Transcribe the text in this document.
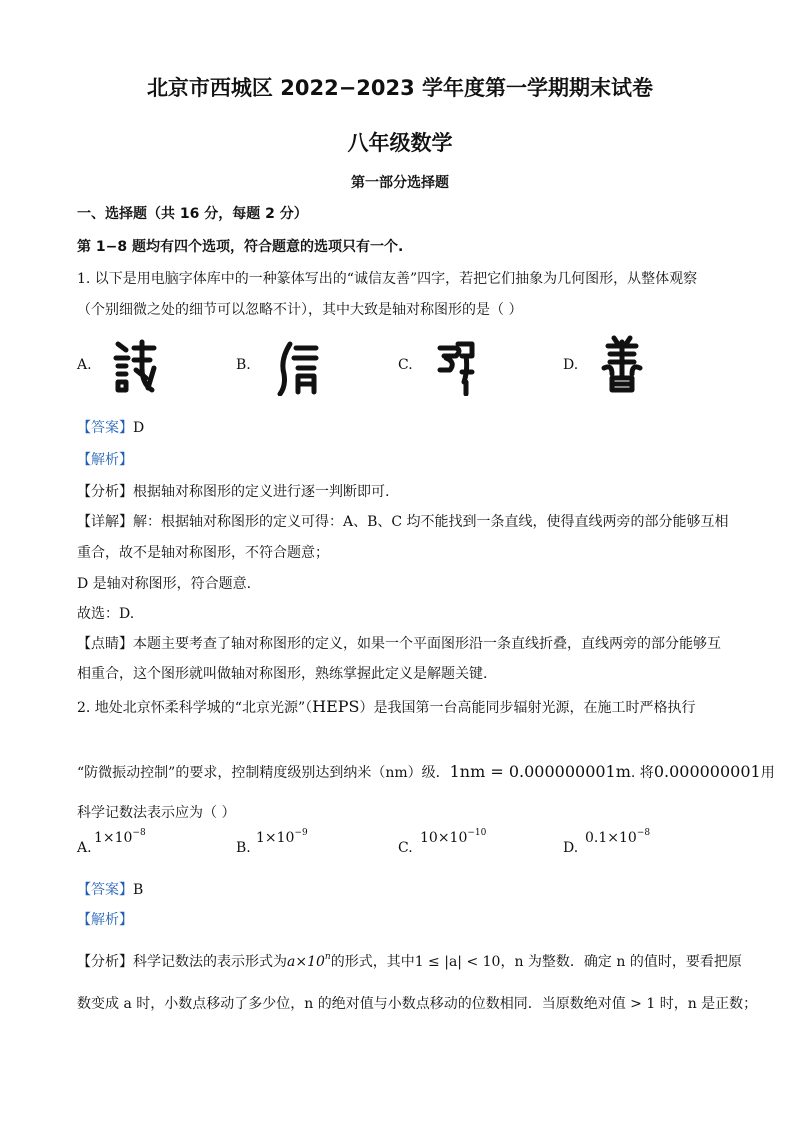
北京市西城区 2022−2023 学年度第一学期期末试卷
八年级数学
第一部分选择题
一、选择题（共 16 分，每题 2 分）
第 1−8 题均有四个选项，符合题意的选项只有一个.
1. 以下是用电脑字体库中的一种篆体写出的“诚信友善”四字，若把它们抽象为几何图形，从整体观察
（个别细微之处的细节可以忽略不计），其中大致是轴对称图形的是（ ）
A.	B.	C.	D.
【答案】D
【解析】
【分析】根据轴对称图形的定义进行逐一判断即可.
【详解】解：根据轴对称图形的定义可得：A、B、C 均不能找到一条直线，使得直线两旁的部分能够互相
重合，故不是轴对称图形，不符合题意；
D 是轴对称图形，符合题意.
故选：D.
【点睛】本题主要考查了轴对称图形的定义，如果一个平面图形沿一条直线折叠，直线两旁的部分能够互
相重合，这个图形就叫做轴对称图形，熟练掌握此定义是解题关键.
2. 地处北京怀柔科学城的“北京光源”（HEPS）是我国第一台高能同步辐射光源，在施工时严格执行
“防微振动控制”的要求，控制精度级别达到纳米（nm）级．1nm = 0.000000001m. 将0.000000001用
科学记数法表示应为（ ）
A.
$1\times 10^{-8}$
B.
$1\times 10^{-9}$
C.
$10\times 10^{-10}$
D.
$0.1\times 10^{-8}$
【答案】B
【解析】
【分析】科学记数法的表示形式为$a\times 10^n$的形式，其中1 ≤ |a| < 10，n 为整数．确定 n 的值时，要看把原
数变成 a 时，小数点移动了多少位，n 的绝对值与小数点移动的位数相同．当原数绝对值 > 1 时，n 是正数；
